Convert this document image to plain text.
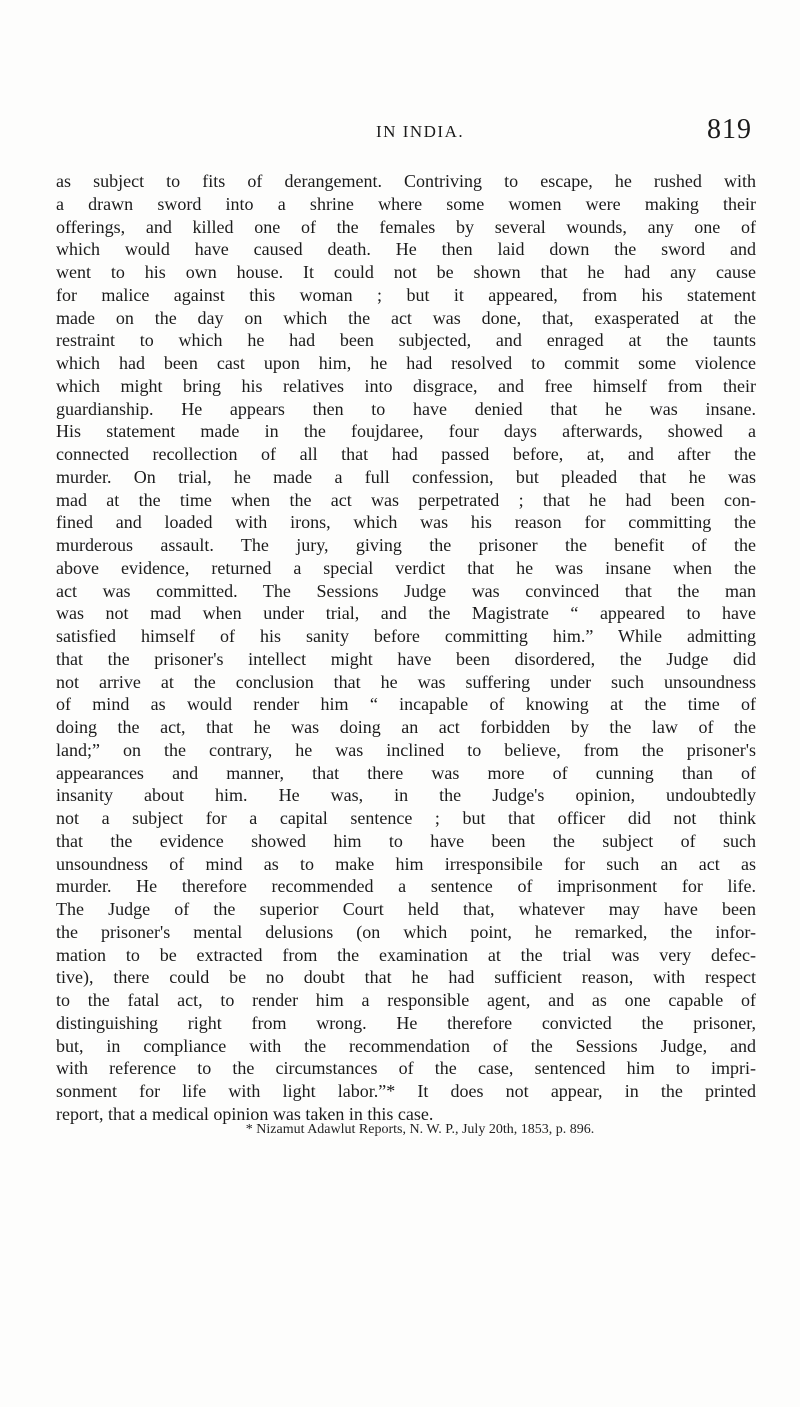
IN INDIA.	819
as subject to fits of derangement. Contriving to escape, he rushed with
a drawn sword into a shrine where some women were making their
offerings, and killed one of the females by several wounds, any one of
which would have caused death. He then laid down the sword and
went to his own house. It could not be shown that he had any cause
for malice against this woman ; but it appeared, from his statement
made on the day on which the act was done, that, exasperated at the
restraint to which he had been subjected, and enraged at the taunts
which had been cast upon him, he had resolved to commit some violence
which might bring his relatives into disgrace, and free himself from their
guardianship. He appears then to have denied that he was insane.
His statement made in the foujdaree, four days afterwards, showed a
connected recollection of all that had passed before, at, and after the
murder. On trial, he made a full confession, but pleaded that he was
mad at the time when the act was perpetrated ; that he had been con-
fined and loaded with irons, which was his reason for committing the
murderous assault. The jury, giving the prisoner the benefit of the
above evidence, returned a special verdict that he was insane when the
act was committed. The Sessions Judge was convinced that the man
was not mad when under trial, and the Magistrate “ appeared to have
satisfied himself of his sanity before committing him.” While admitting
that the prisoner's intellect might have been disordered, the Judge did
not arrive at the conclusion that he was suffering under such unsoundness
of mind as would render him “ incapable of knowing at the time of
doing the act, that he was doing an act forbidden by the law of the
land;” on the contrary, he was inclined to believe, from the prisoner's
appearances and manner, that there was more of cunning than of
insanity about him. He was, in the Judge's opinion, undoubtedly
not a subject for a capital sentence ; but that officer did not think
that the evidence showed him to have been the subject of such
unsoundness of mind as to make him irresponsibile for such an act as
murder. He therefore recommended a sentence of imprisonment for life.
The Judge of the superior Court held that, whatever may have been
the prisoner's mental delusions (on which point, he remarked, the infor-
mation to be extracted from the examination at the trial was very defec-
tive), there could be no doubt that he had sufficient reason, with respect
to the fatal act, to render him a responsible agent, and as one capable of
distinguishing right from wrong. He therefore convicted the prisoner,
but, in compliance with the recommendation of the Sessions Judge, and
with reference to the circumstances of the case, sentenced him to impri-
sonment for life with light labor.”* It does not appear, in the printed
report, that a medical opinion was taken in this case.
* Nizamut Adawlut Reports, N. W. P., July 20th, 1853, p. 896.
